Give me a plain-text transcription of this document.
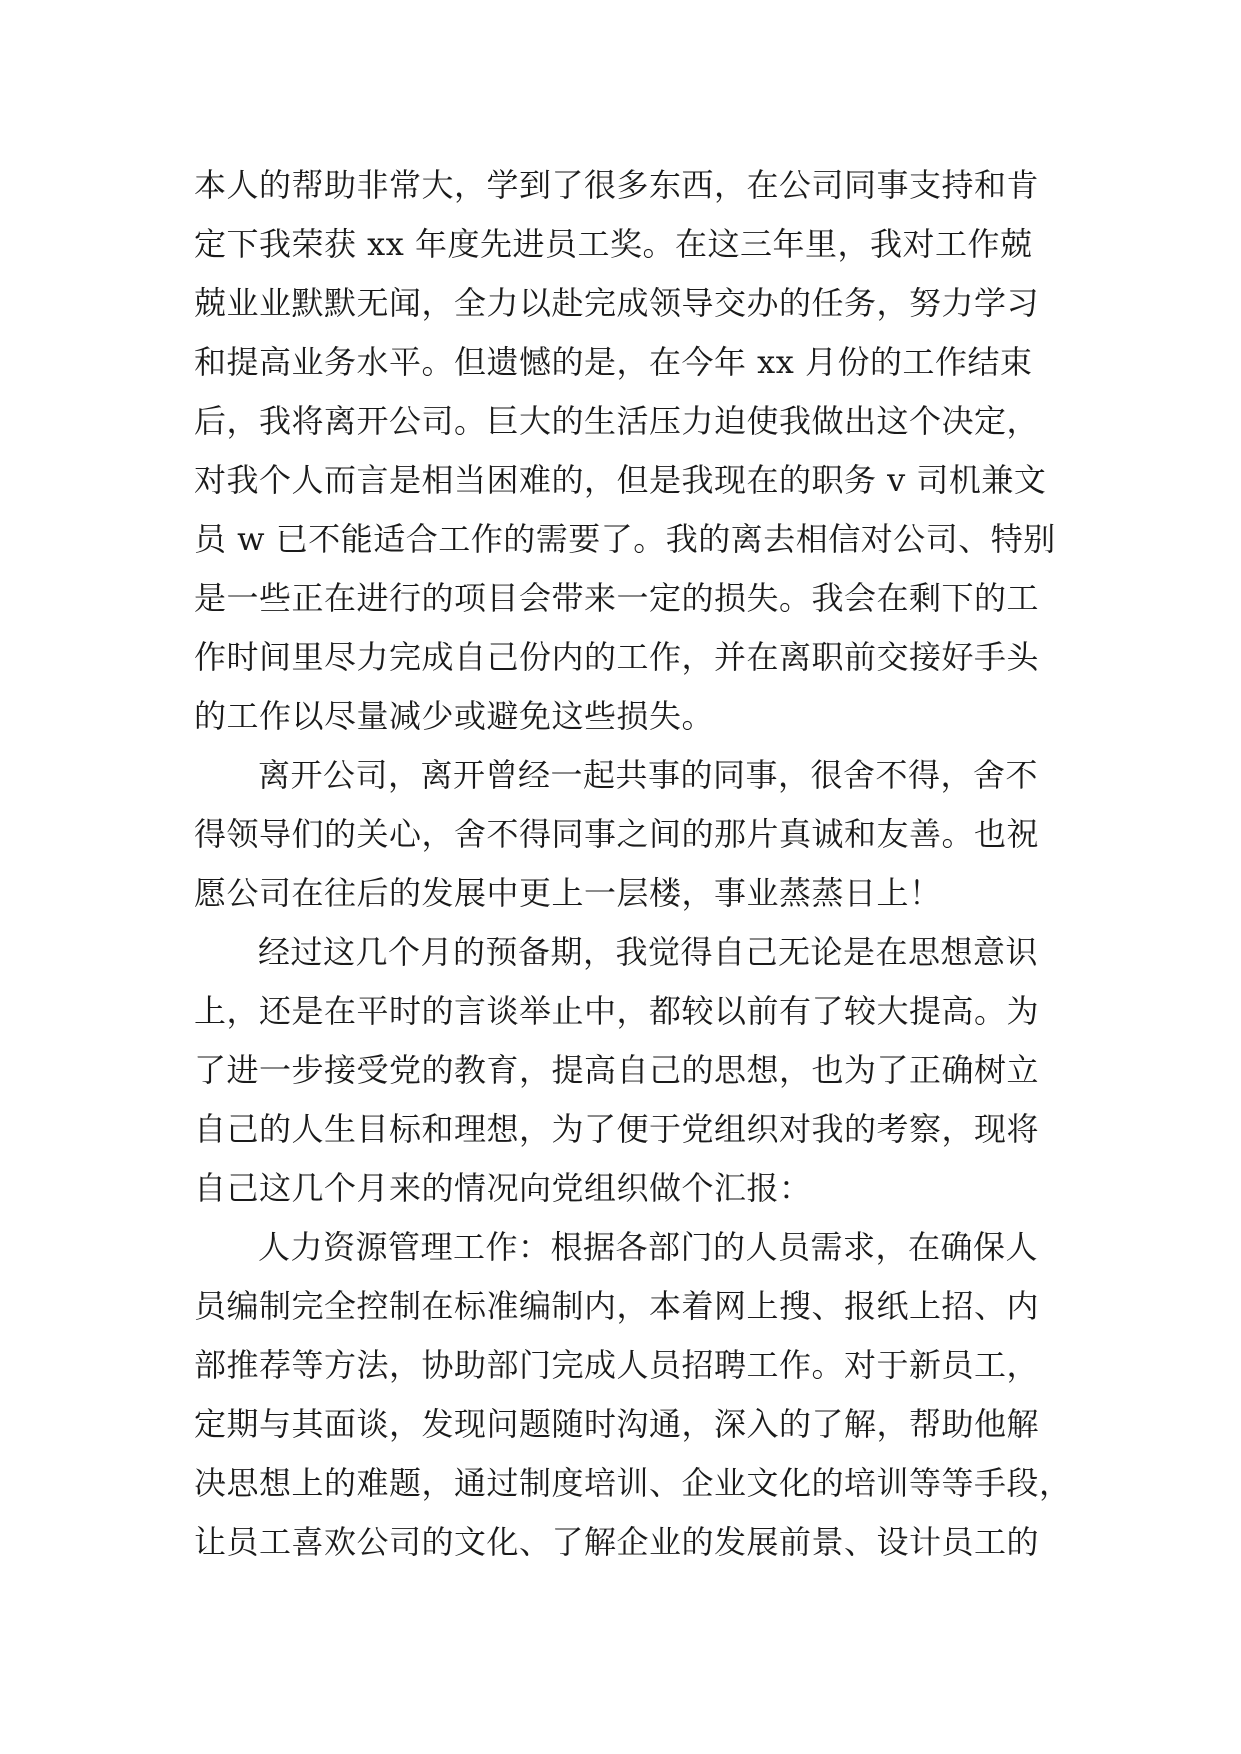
本人的帮助非常大，学到了很多东西，在公司同事支持和肯
定下我荣获 xx 年度先进员工奖。在这三年里，我对工作兢
兢业业默默无闻，全力以赴完成领导交办的任务，努力学习
和提高业务水平。但遗憾的是，在今年 xx 月份的工作结束
后，我将离开公司。巨大的生活压力迫使我做出这个决定，
对我个人而言是相当困难的，但是我现在的职务 v 司机兼文
员 w 已不能适合工作的需要了。我的离去相信对公司、特别
是一些正在进行的项目会带来一定的损失。我会在剩下的工
作时间里尽力完成自己份内的工作，并在离职前交接好手头
的工作以尽量减少或避免这些损失。
离开公司，离开曾经一起共事的同事，很舍不得，舍不
得领导们的关心，舍不得同事之间的那片真诚和友善。也祝
愿公司在往后的发展中更上一层楼，事业蒸蒸日上！
经过这几个月的预备期，我觉得自己无论是在思想意识
上，还是在平时的言谈举止中，都较以前有了较大提高。为
了进一步接受党的教育，提高自己的思想，也为了正确树立
自己的人生目标和理想，为了便于党组织对我的考察，现将
自己这几个月来的情况向党组织做个汇报：
人力资源管理工作：根据各部门的人员需求，在确保人
员编制完全控制在标准编制内，本着网上搜、报纸上招、内
部推荐等方法，协助部门完成人员招聘工作。对于新员工，
定期与其面谈，发现问题随时沟通，深入的了解，帮助他解
决思想上的难题，通过制度培训、企业文化的培训等等手段，
让员工喜欢公司的文化、了解企业的发展前景、设计员工的
